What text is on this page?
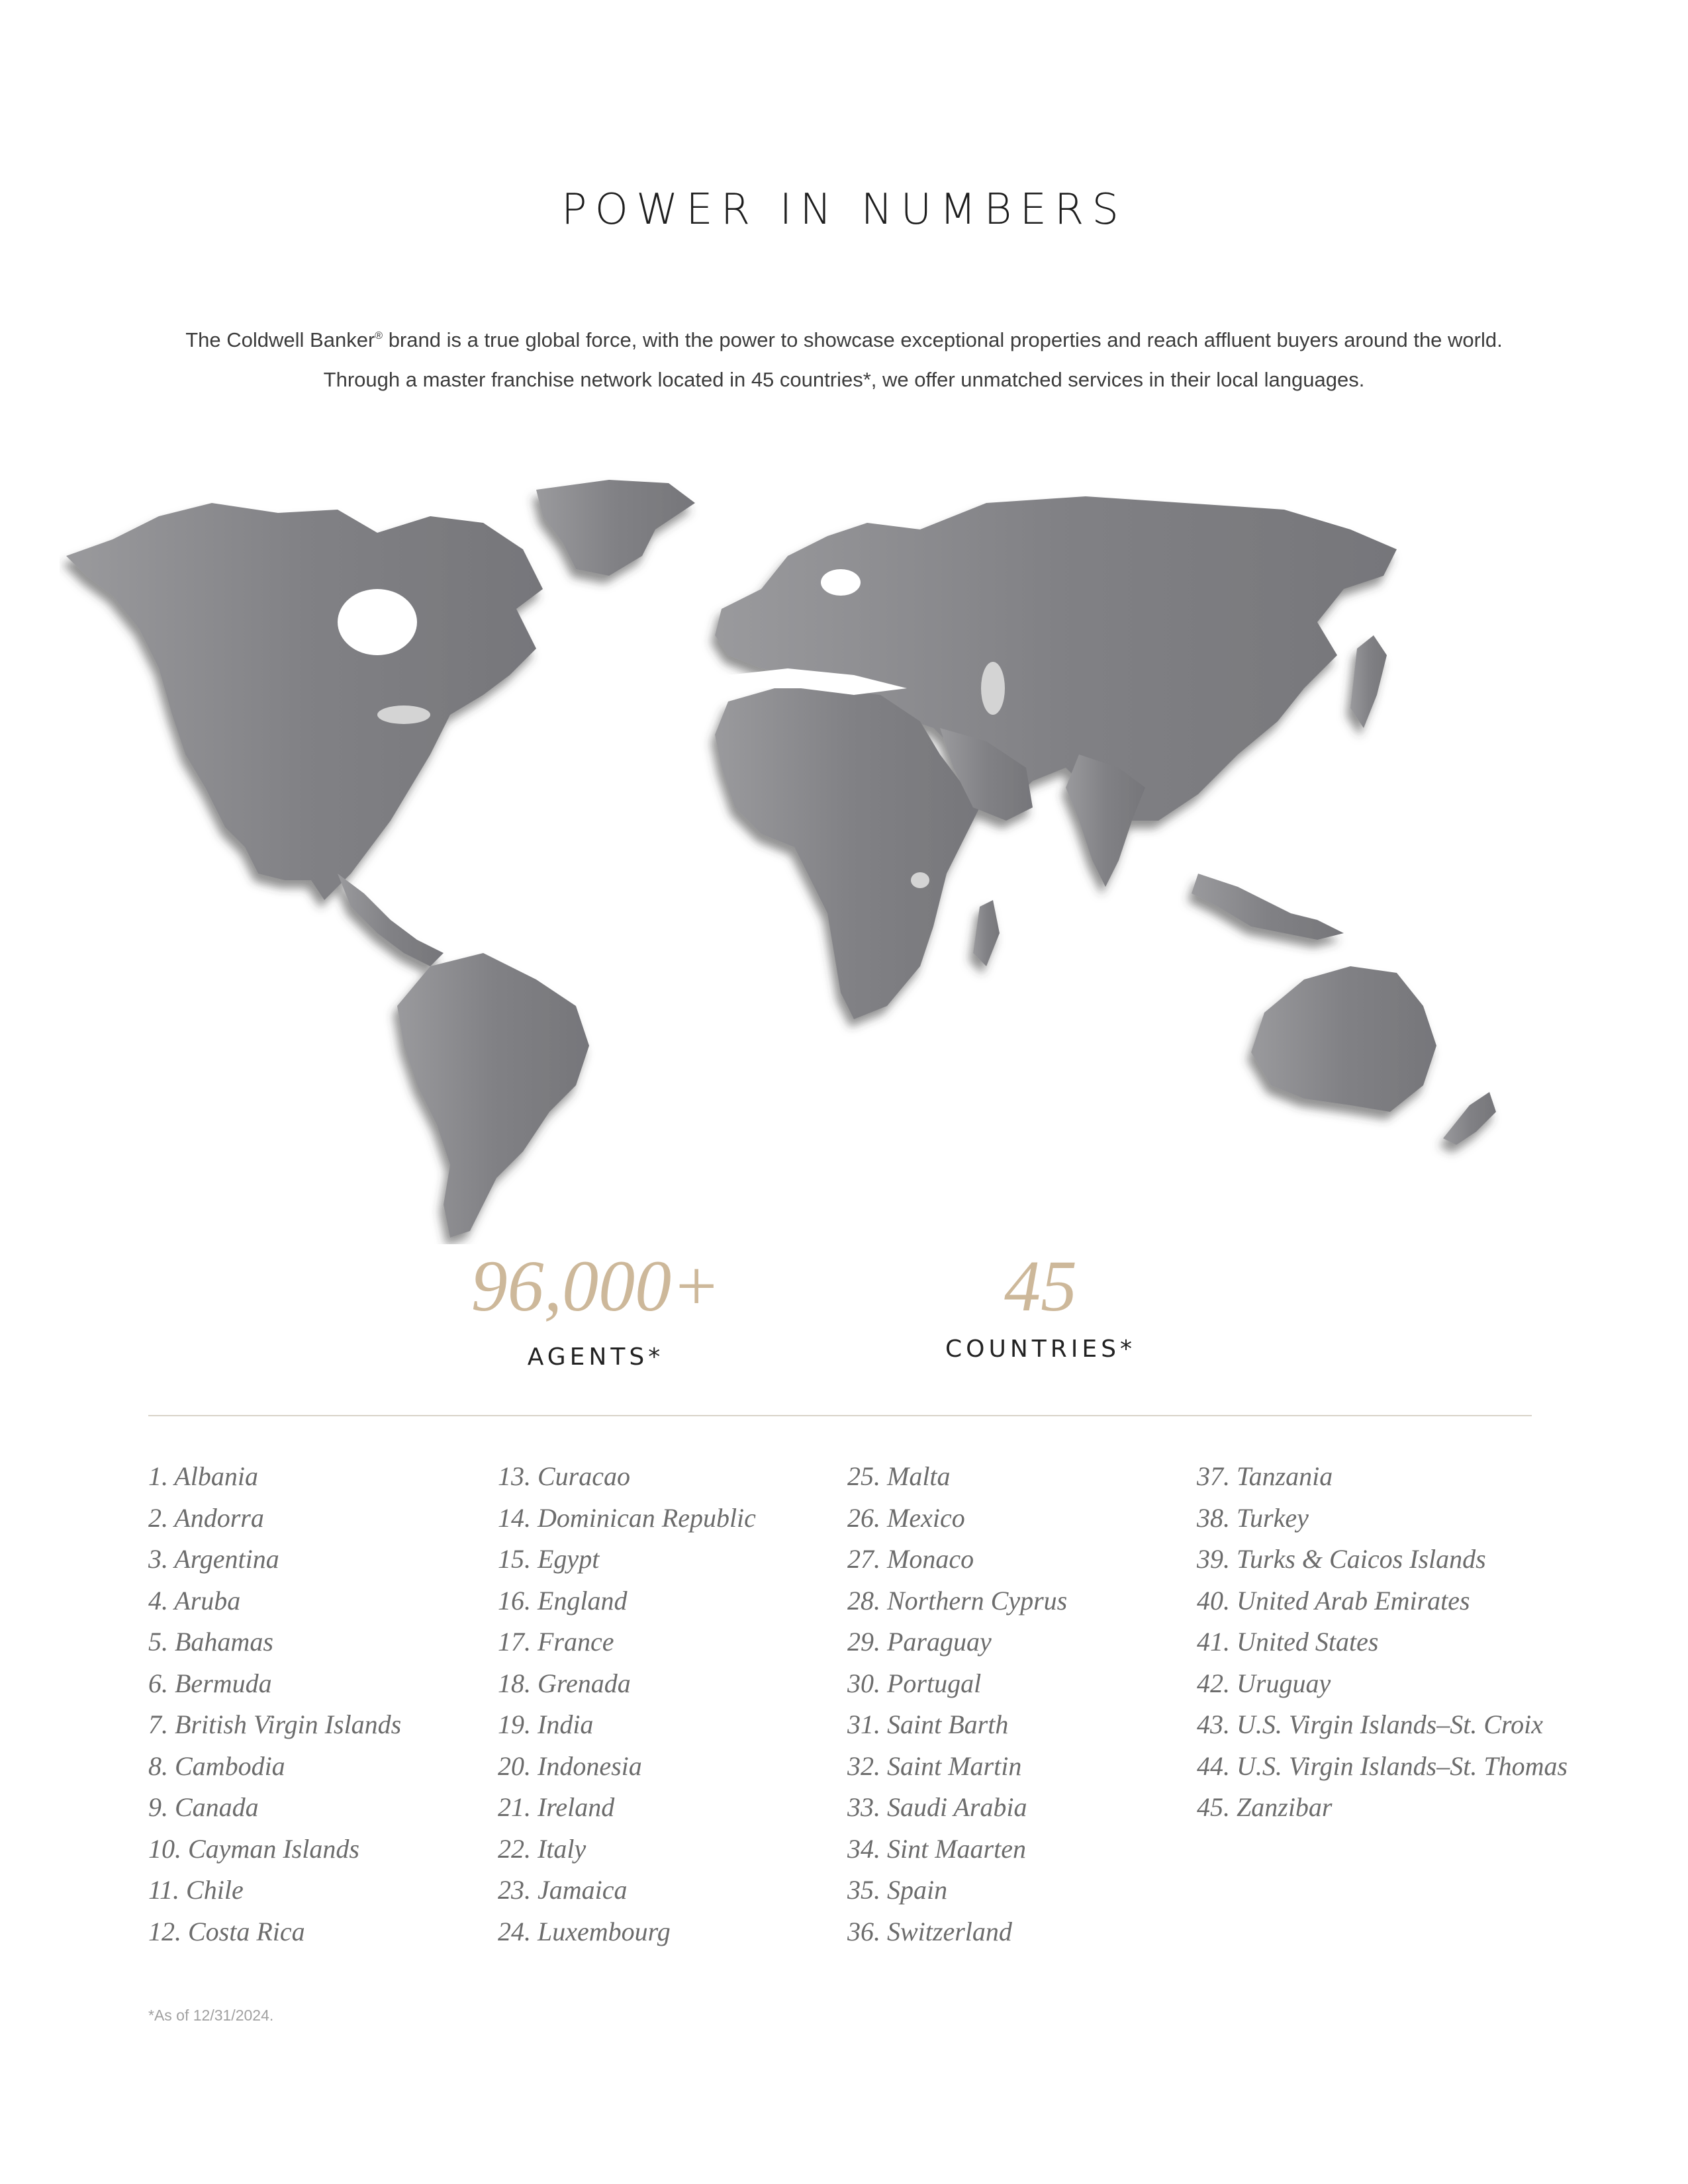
POWER IN NUMBERS
The Coldwell Banker® brand is a true global force, with the power to showcase exceptional properties and reach affluent buyers around the world.
Through a master franchise network located in 45 countries*, we offer unmatched services in their local languages.
96,000+
AGENTS*
45
COUNTRIES*
1. Albania
2. Andorra
3. Argentina
4. Aruba
5. Bahamas
6. Bermuda
7. British Virgin Islands
8. Cambodia
9. Canada
10. Cayman Islands
11. Chile
12. Costa Rica
13. Curacao
14. Dominican Republic
15. Egypt
16. England
17. France
18. Grenada
19. India
20. Indonesia
21. Ireland
22. Italy
23. Jamaica
24. Luxembourg
25. Malta
26. Mexico
27. Monaco
28. Northern Cyprus
29. Paraguay
30. Portugal
31. Saint Barth
32. Saint Martin
33. Saudi Arabia
34. Sint Maarten
35. Spain
36. Switzerland
37. Tanzania
38. Turkey
39. Turks & Caicos Islands
40. United Arab Emirates
41. United States
42. Uruguay
43. U.S. Virgin Islands–St. Croix
44. U.S. Virgin Islands–St. Thomas
45. Zanzibar
*As of 12/31/2024.
